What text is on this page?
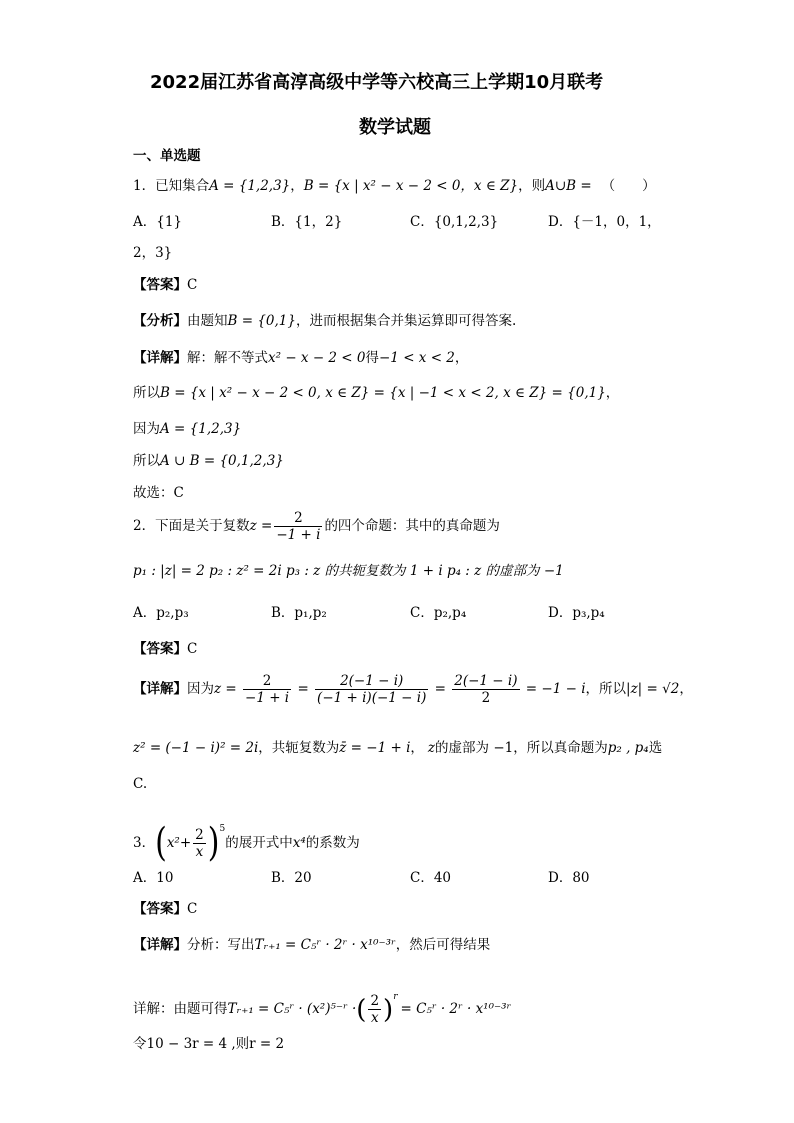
2022届江苏省高淳高级中学等六校高三上学期10月联考
数学试题
一、单选题
1．已知集合A = {1,2,3}，B = {x | x² − x − 2 < 0，x ∈ Z}，则A∪B = （　　）
A．{1}	B．{1，2}	C．{0,1,2,3}	D．{－1，0，1，
2，3}
【答案】C
【分析】由题知B = {0,1}，进而根据集合并集运算即可得答案.
【详解】解：解不等式x² − x − 2 < 0得−1 < x < 2，
所以B = {x | x² − x − 2 < 0, x ∈ Z} = {x | −1 < x < 2, x ∈ Z} = {0,1}，
因为A = {1,2,3}
所以A ∪ B = {0,1,2,3}
故选：C
2．下面是关于复数$z = \frac{2}{-1 + i}$ 的四个命题：其中的真命题为
p₁ : |z| = 2 p₂ : z² = 2i p₃ : z 的共轭复数为 1 + i p₄ : z 的虚部为 −1
A．p₂,p₃	B．p₁,p₂	C．p₂,p₄	D．p₃,p₄
【答案】C
【详解】因为$z = \frac{2}{-1 + i} = \frac{2(-1 - i)}{(-1 + i)(-1 - i)} = \frac{2(-1 - i)}{2} = -1 - i$，所以|z| = √2，
z² = (−1 − i)² = 2i，共轭复数为z̄ = −1 + i， z的虚部为 −1，所以真命题为p₂ , p₄选
C.
3．$(x^2+ \frac{2}{x} )^5$的展开式中x⁴的系数为
A．10	B．20	C．40	D．80
【答案】C
【详解】分析：写出Tᵣ₊₁ = C₅ʳ · 2ʳ · x¹⁰⁻³ʳ，然后可得结果
详解：由题可得Tᵣ₊₁ = C₅ʳ · (x²)⁵⁻ʳ ·( $\frac{2}{x} )^r=$ C₅ʳ · 2ʳ · x¹⁰⁻³ʳ
令10 − 3r = 4 ,则r = 2
